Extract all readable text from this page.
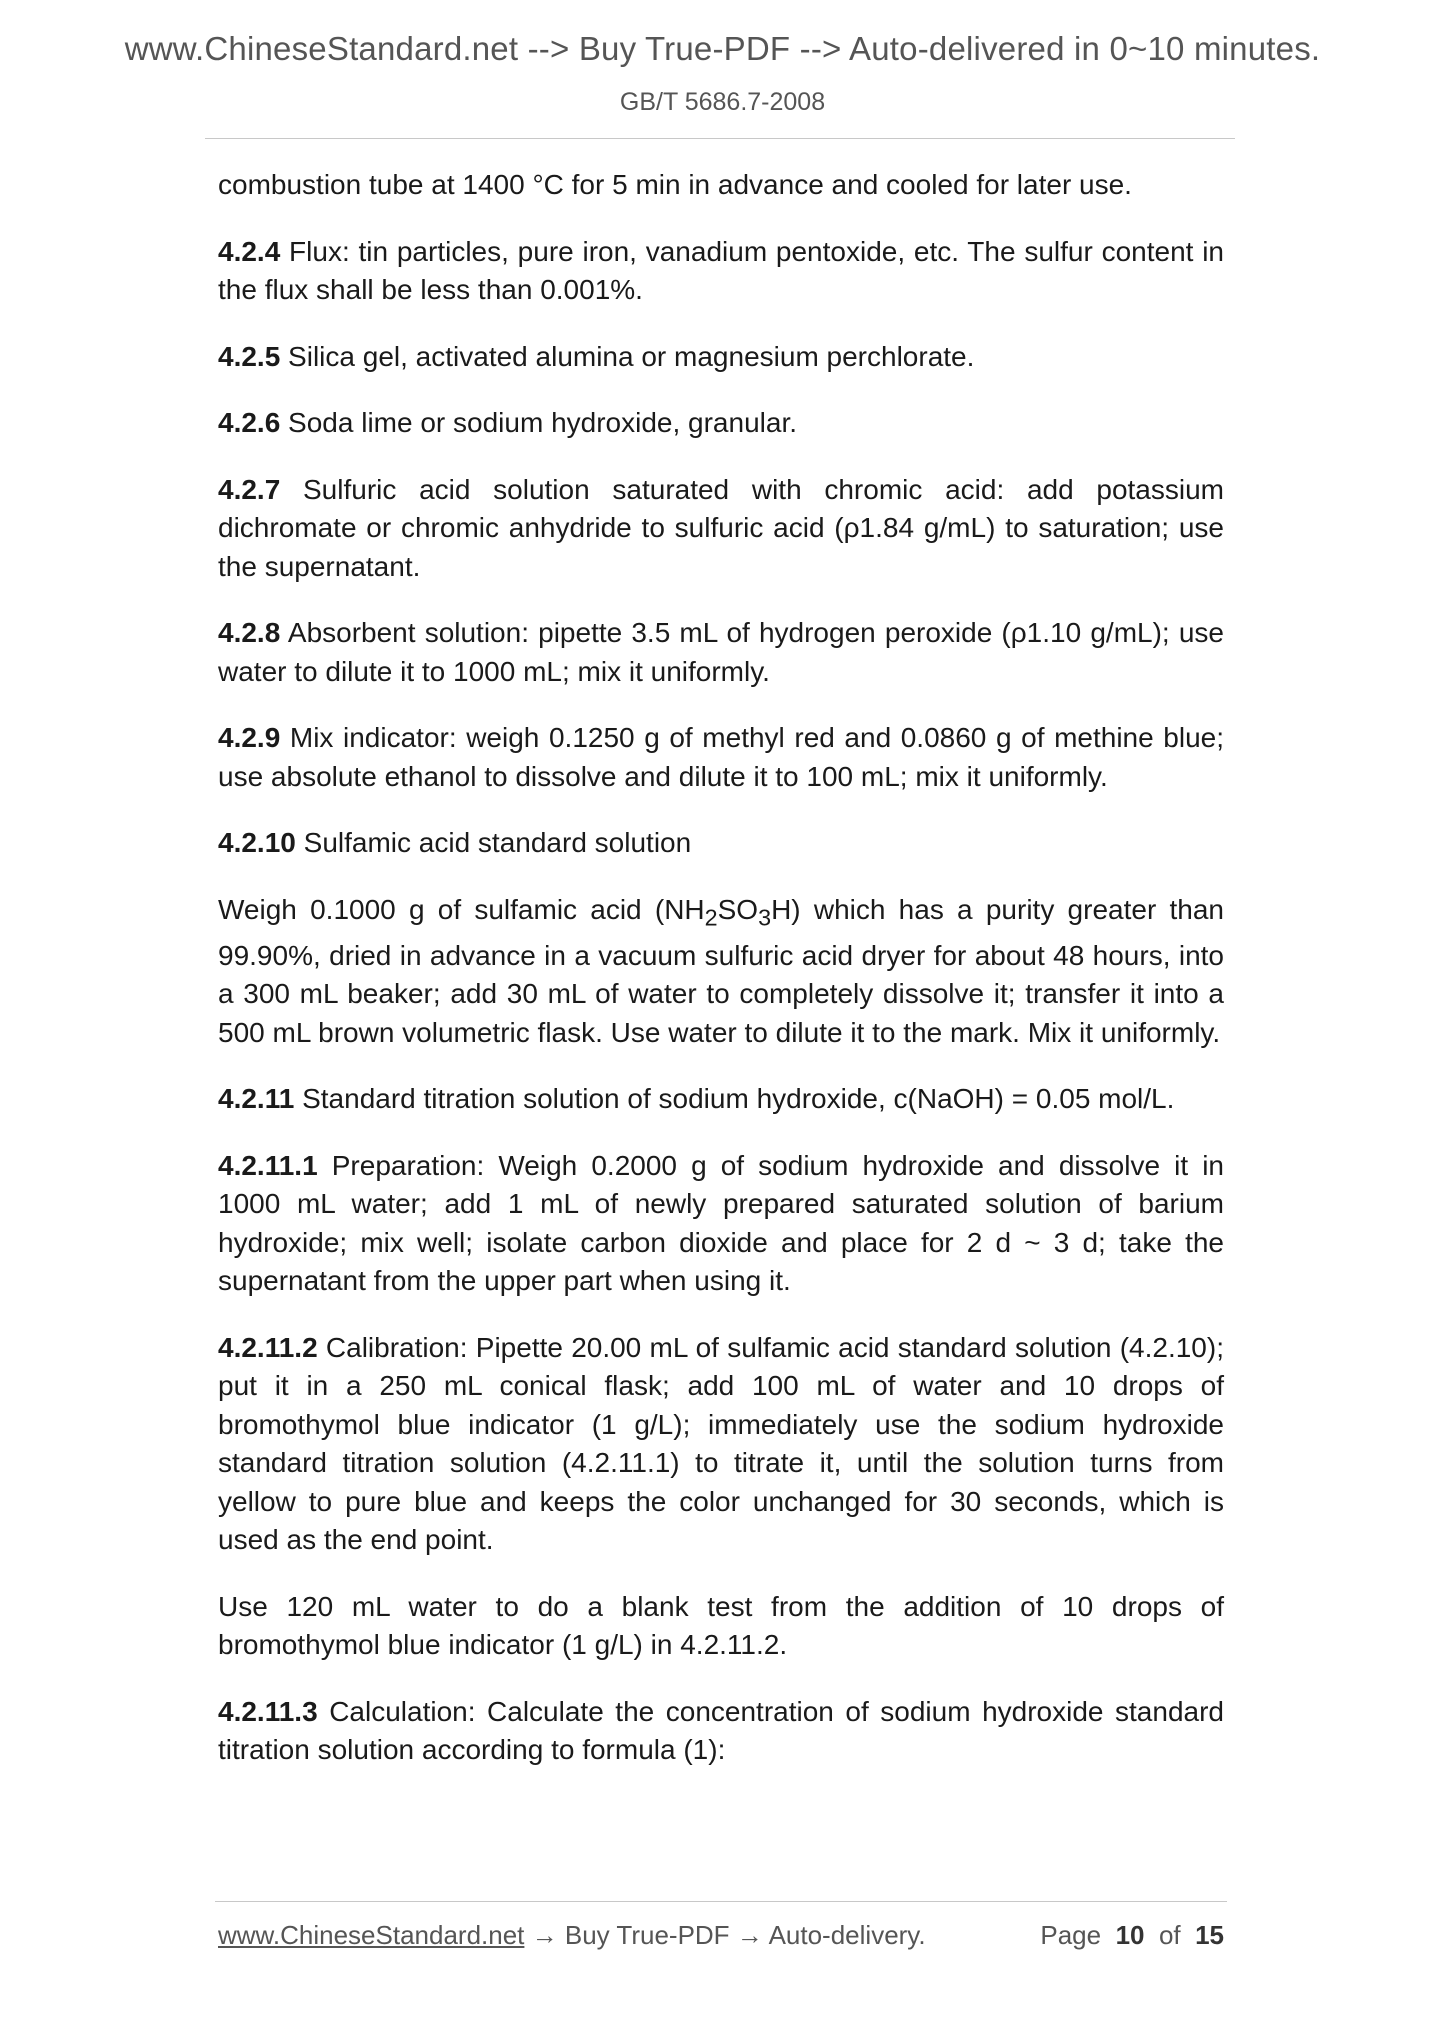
www.ChineseStandard.net --> Buy True-PDF --> Auto-delivered in 0~10 minutes.
GB/T 5686.7-2008

combustion tube at 1400 °C for 5 min in advance and cooled for later use.

4.2.4 Flux: tin particles, pure iron, vanadium pentoxide, etc. The sulfur content in the flux shall be less than 0.001%.

4.2.5 Silica gel, activated alumina or magnesium perchlorate.

4.2.6 Soda lime or sodium hydroxide, granular.

4.2.7 Sulfuric acid solution saturated with chromic acid: add potassium dichromate or chromic anhydride to sulfuric acid (ρ1.84 g/mL) to saturation; use the supernatant.

4.2.8 Absorbent solution: pipette 3.5 mL of hydrogen peroxide (ρ1.10 g/mL); use water to dilute it to 1000 mL; mix it uniformly.

4.2.9 Mix indicator: weigh 0.1250 g of methyl red and 0.0860 g of methine blue; use absolute ethanol to dissolve and dilute it to 100 mL; mix it uniformly.

4.2.10 Sulfamic acid standard solution

Weigh 0.1000 g of sulfamic acid $(NH_2SO_3H)$ which has a purity greater than 99.90%, dried in advance in a vacuum sulfuric acid dryer for about 48 hours, into a 300 mL beaker; add 30 mL of water to completely dissolve it; transfer it into a 500 mL brown volumetric flask. Use water to dilute it to the mark. Mix it uniformly.

4.2.11 Standard titration solution of sodium hydroxide, c(NaOH) = 0.05 mol/L.

4.2.11.1 Preparation: Weigh 0.2000 g of sodium hydroxide and dissolve it in 1000 mL water; add 1 mL of newly prepared saturated solution of barium hydroxide; mix well; isolate carbon dioxide and place for 2 d ~ 3 d; take the supernatant from the upper part when using it.

4.2.11.2 Calibration: Pipette 20.00 mL of sulfamic acid standard solution (4.2.10); put it in a 250 mL conical flask; add 100 mL of water and 10 drops of bromothymol blue indicator (1 g/L); immediately use the sodium hydroxide standard titration solution (4.2.11.1) to titrate it, until the solution turns from yellow to pure blue and keeps the color unchanged for 30 seconds, which is used as the end point.

Use 120 mL water to do a blank test from the addition of 10 drops of bromothymol blue indicator (1 g/L) in 4.2.11.2.

4.2.11.3 Calculation: Calculate the concentration of sodium hydroxide standard titration solution according to formula (1):

www.ChineseStandard.net → Buy True-PDF → Auto-delivery.	Page 10 of 15
